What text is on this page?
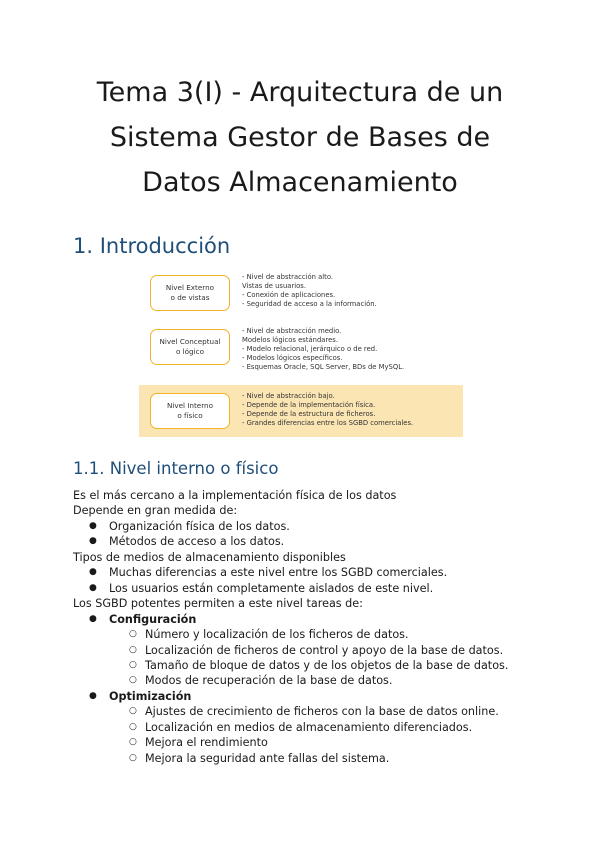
Tema 3(I) - Arquitectura de un
Sistema Gestor de Bases de
Datos Almacenamiento
1. Introducción
Nivel Externo
o de vistas
- Nivel de abstracción alto.
Vistas de usuarios.
- Conexión de aplicaciones.
- Seguridad de acceso a la información.
Nivel Conceptual
o lógico
- Nivel de abstracción medio.
Modelos lógicos estándares.
- Modelo relacional, jerárquico o de red.
- Modelos lógicos específicos.
- Esquemas Oracle, SQL Server, BDs de MySQL.
Nivel Interno
o físico
- Nivel de abstracción bajo.
- Depende de la implementación física.
- Depende de la estructura de ficheros.
- Grandes diferencias entre los SGBD comerciales.
1.1. Nivel interno o físico
Es el más cercano a la implementación física de los datos
Depende en gran medida de:
● Organización física de los datos.
● Métodos de acceso a los datos.
Tipos de medios de almacenamiento disponibles
● Muchas diferencias a este nivel entre los SGBD comerciales.
● Los usuarios están completamente aislados de este nivel.
Los SGBD potentes permiten a este nivel tareas de:
● Configuración
○ Número y localización de los ficheros de datos.
○ Localización de ficheros de control y apoyo de la base de datos.
○ Tamaño de bloque de datos y de los objetos de la base de datos.
○ Modos de recuperación de la base de datos.
● Optimización
○ Ajustes de crecimiento de ficheros con la base de datos online.
○ Localización en medios de almacenamiento diferenciados.
○ Mejora el rendimiento
○ Mejora la seguridad ante fallas del sistema.
